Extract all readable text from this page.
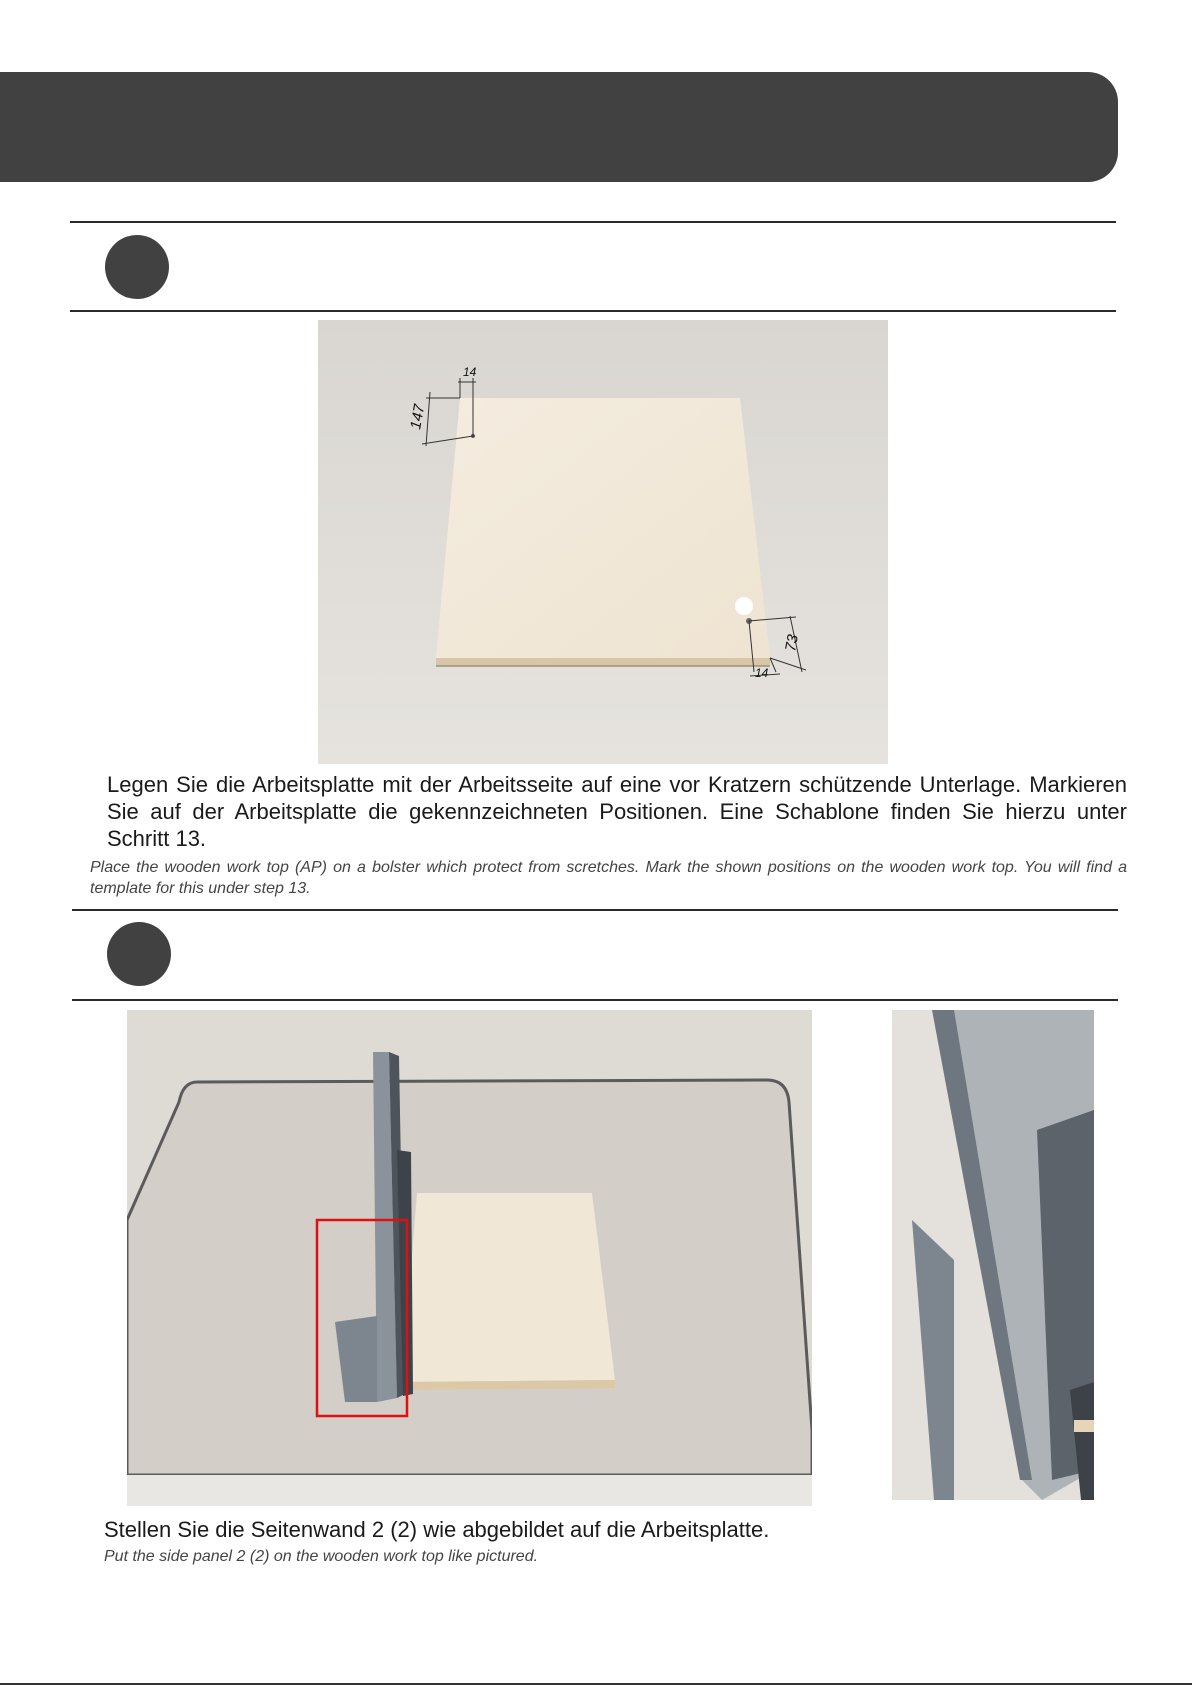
14
147
14
73
Legen Sie die Arbeitsplatte mit der Arbeitsseite auf eine vor Kratzern schützende Unterlage. Markieren Sie auf der Arbeitsplatte die gekennzeichneten Positionen. Eine Schablone finden Sie hierzu unter Schritt 13.
Place the wooden work top (AP) on a bolster which protect from scretches. Mark the shown positions on the wooden work top. You will find a template for this under step 13.
Stellen Sie die Seitenwand 2 (2) wie abgebildet auf die Arbeitsplatte.
Put the side panel 2 (2) on the wooden work top like pictured.
